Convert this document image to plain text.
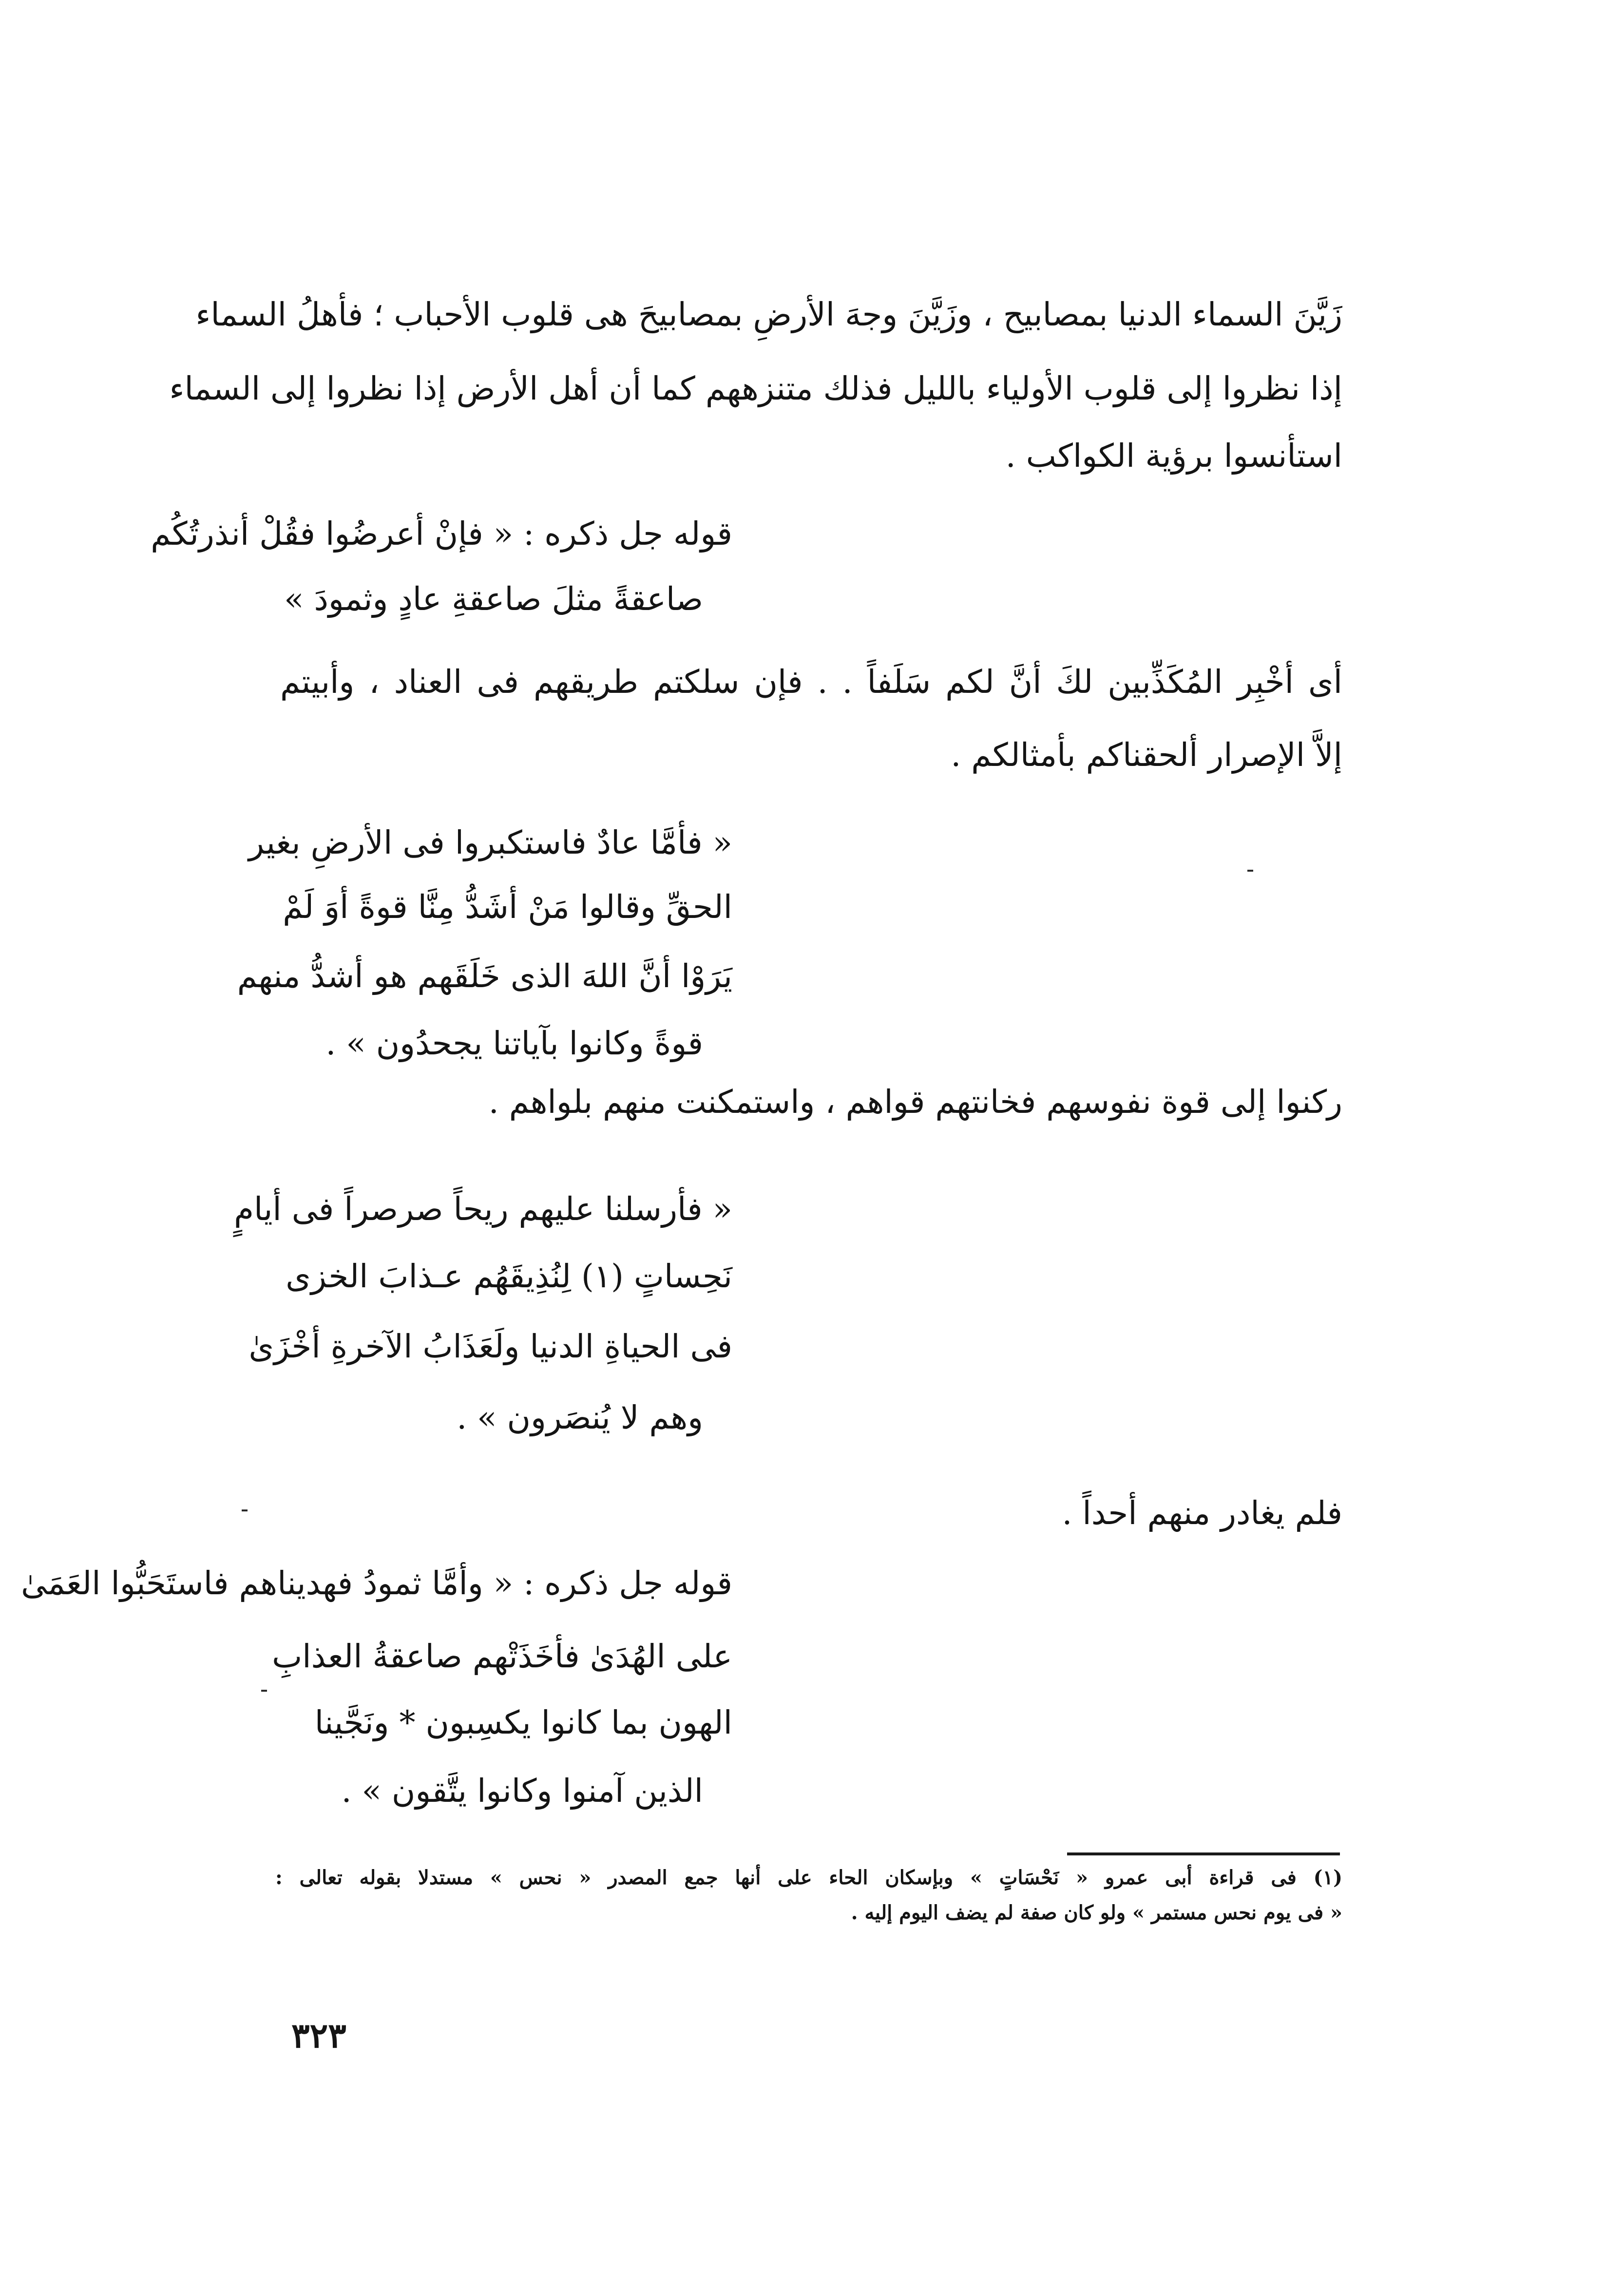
زَيَّنَ السماء الدنيا بمصابيح ، وزَيَّنَ وجهَ الأرضِ بمصابيحَ هى قلوب الأحباب ؛ فأهلُ السماء
إذا نظروا إلى قلوب الأولياء بالليل فذلك متنزههم كما أن أهل الأرض إذا نظروا إلى السماء
استأنسوا برؤية الكواكب .
قوله جل ذكره : « فإنْ أعرضُوا فقُلْ أنذرتُكُم
صاعقةً مثلَ صاعقةِ عادٍ وثمودَ »
أى أخْبِر المُكَذِّبين لكَ أنَّ لكم سَلَفاً . . فإن سلكتم طريقهم فى العناد ، وأبيتم
إلاَّ الإصرار ألحقناكم بأمثالكم .
« فأمَّا عادٌ فاستكبروا فى الأرضِ بغير
الحقِّ وقالوا مَنْ أشَدُّ مِنَّا قوةً أوَ لَمْ
يَرَوْا أنَّ اللهَ الذى خَلَقَهم هو أشدُّ منهم
قوةً وكانوا بآياتنا يجحدُون » .
ركنوا إلى قوة نفوسهم فخانتهم قواهم ، واستمكنت منهم بلواهم .
« فأرسلنا عليهم ريحاً صرصراً فى أيامٍ
نَحِساتٍ (١) لِنُذِيقَهُم عـذابَ الخزى
فى الحياةِ الدنيا ولَعَذَابُ الآخرةِ أخْزَىٰ
وهم لا يُنصَرون » .
فلم يغادر منهم أحداً .
قوله جل ذكره : « وأمَّا ثمودُ فهديناهم فاستَحَبُّوا العَمَىٰ
على الهُدَىٰ فأخَذَتْهم صاعقةُ العذابِ
الهون بما كانوا يكسِبون * ونَجَّينا
الذين آمنوا وكانوا يتَّقون » .
(١) فى قراءة أبى عمرو « نَحْسَاتٍ » وبإسكان الحاء على أنها جمع المصدر « نحس » مستدلا بقوله تعالى :
« فى يوم نحس مستمر » ولو كان صفة لم يضف اليوم إليه .
٣٢٣
